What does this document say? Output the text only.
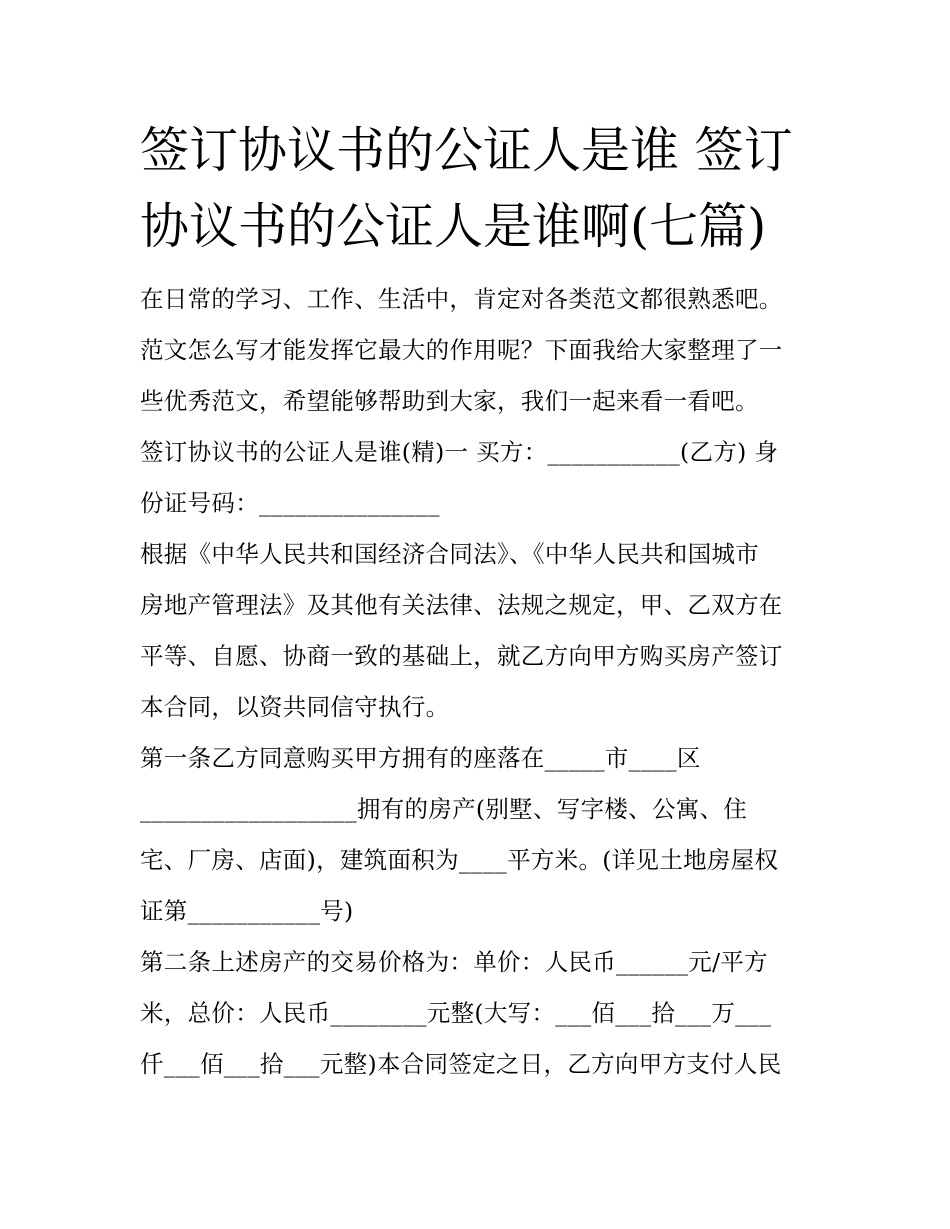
签订协议书的公证人是谁 签订
协议书的公证人是谁啊(七篇)
在日常的学习、工作、生活中，肯定对各类范文都很熟悉吧。
范文怎么写才能发挥它最大的作用呢？下面我给大家整理了一
些优秀范文，希望能够帮助到大家，我们一起来看一看吧。
签订协议书的公证人是谁(精)一 买方：___________(乙方) 身
份证号码：_______________
根据《中华人民共和国经济合同法》、《中华人民共和国城市
房地产管理法》及其他有关法律、法规之规定，甲、乙双方在
平等、自愿、协商一致的基础上，就乙方向甲方购买房产签订
本合同，以资共同信守执行。
第一条乙方同意购买甲方拥有的座落在_____市____区
__________________拥有的房产(别墅、写字楼、公寓、住
宅、厂房、店面)，建筑面积为____平方米。(详见土地房屋权
证第___________号)
第二条上述房产的交易价格为：单价：人民币______元/平方
米，总价：人民币________元整(大写：___佰___拾___万___
仟___佰___拾___元整)本合同签定之日，乙方向甲方支付人民
